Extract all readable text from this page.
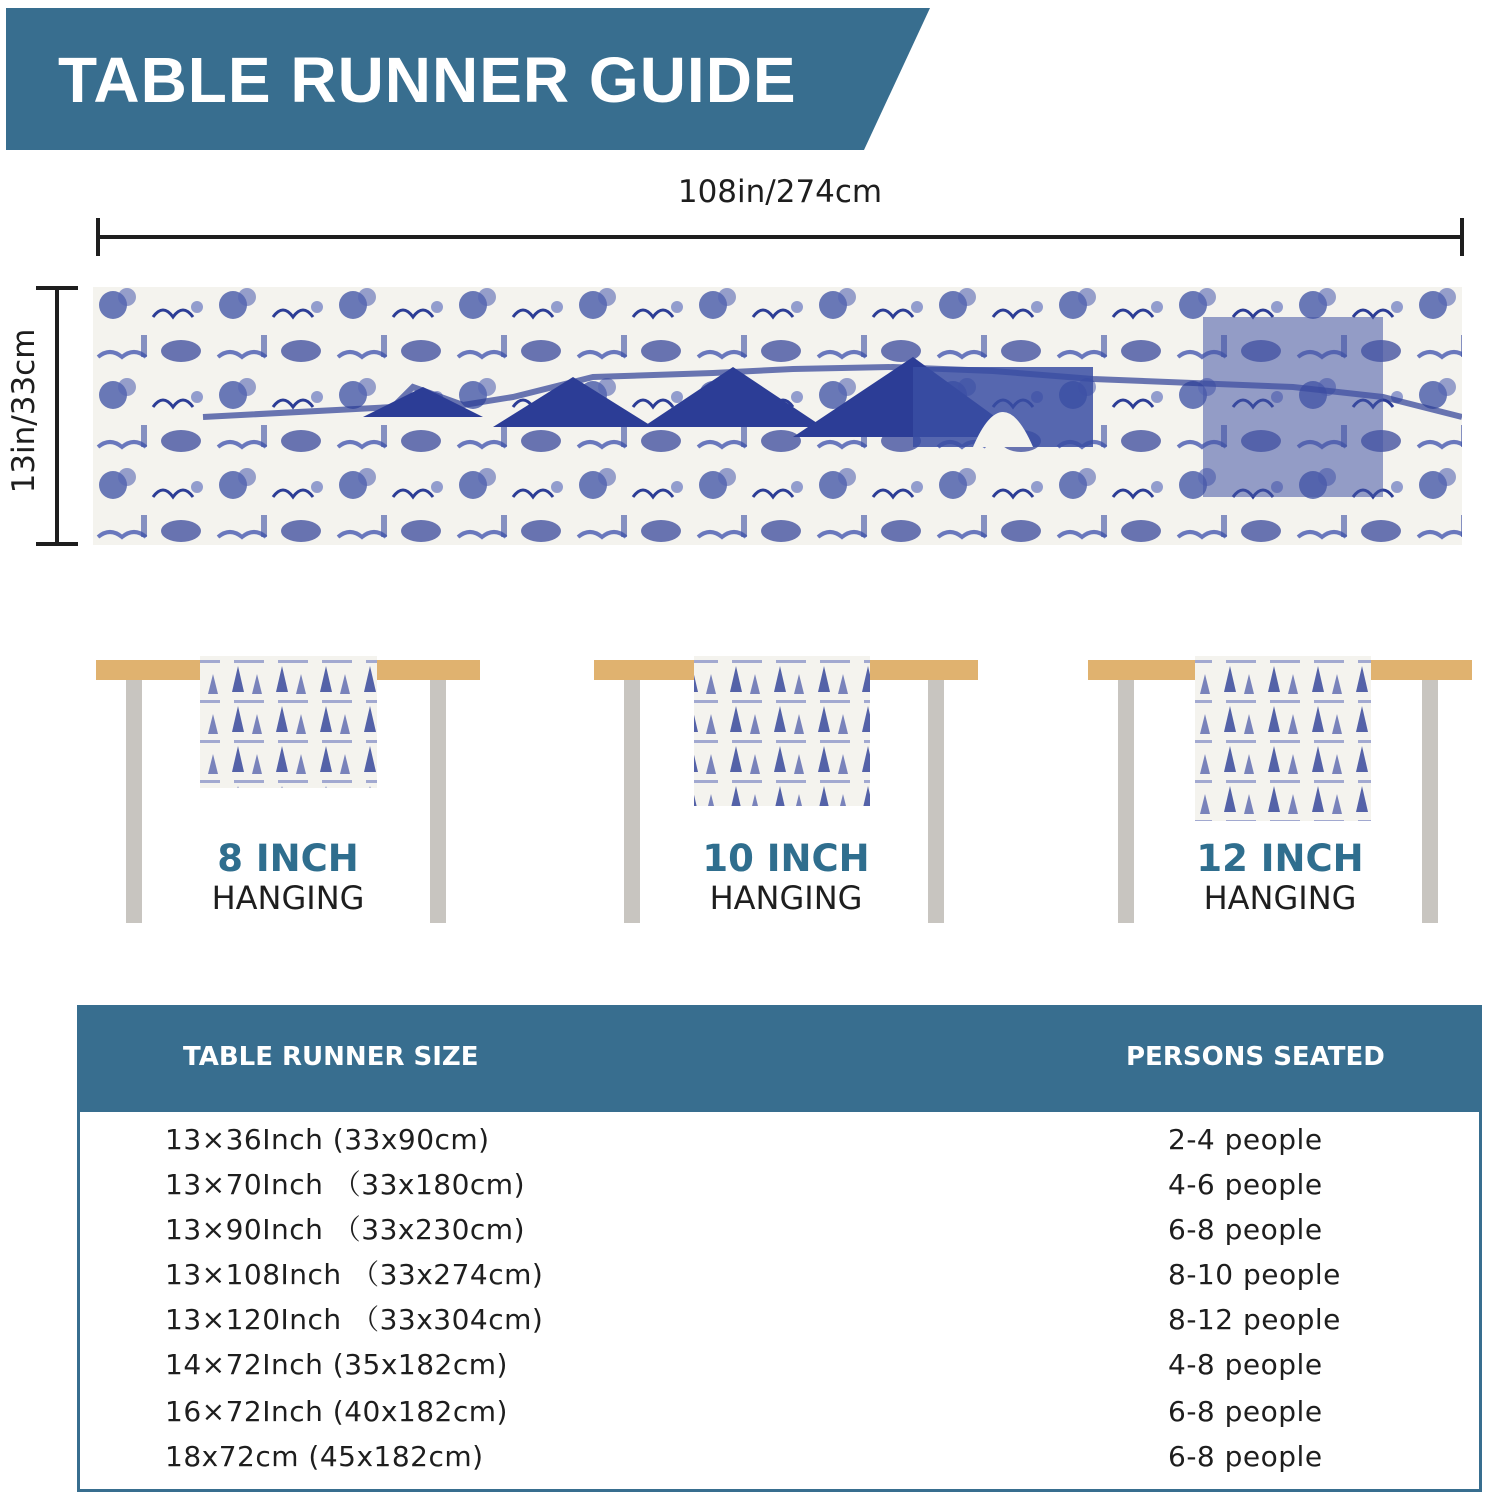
TABLE RUNNER GUIDE
108in/274cm
13in/33cm
8 INCH
HANGING
10 INCH
HANGING
12 INCH
HANGING
TABLE RUNNER SIZE	PERSONS SEATED
13×36Inch (33x90cm)	2-4 people
13×70Inch （33x180cm)	4-6 people
13×90Inch （33x230cm)	6-8 people
13×108Inch （33x274cm)	8-10 people
13×120Inch （33x304cm)	8-12 people
14×72Inch (35x182cm)	4-8 people
16×72Inch (40x182cm)	6-8 people
18x72cm (45x182cm)	6-8 people
